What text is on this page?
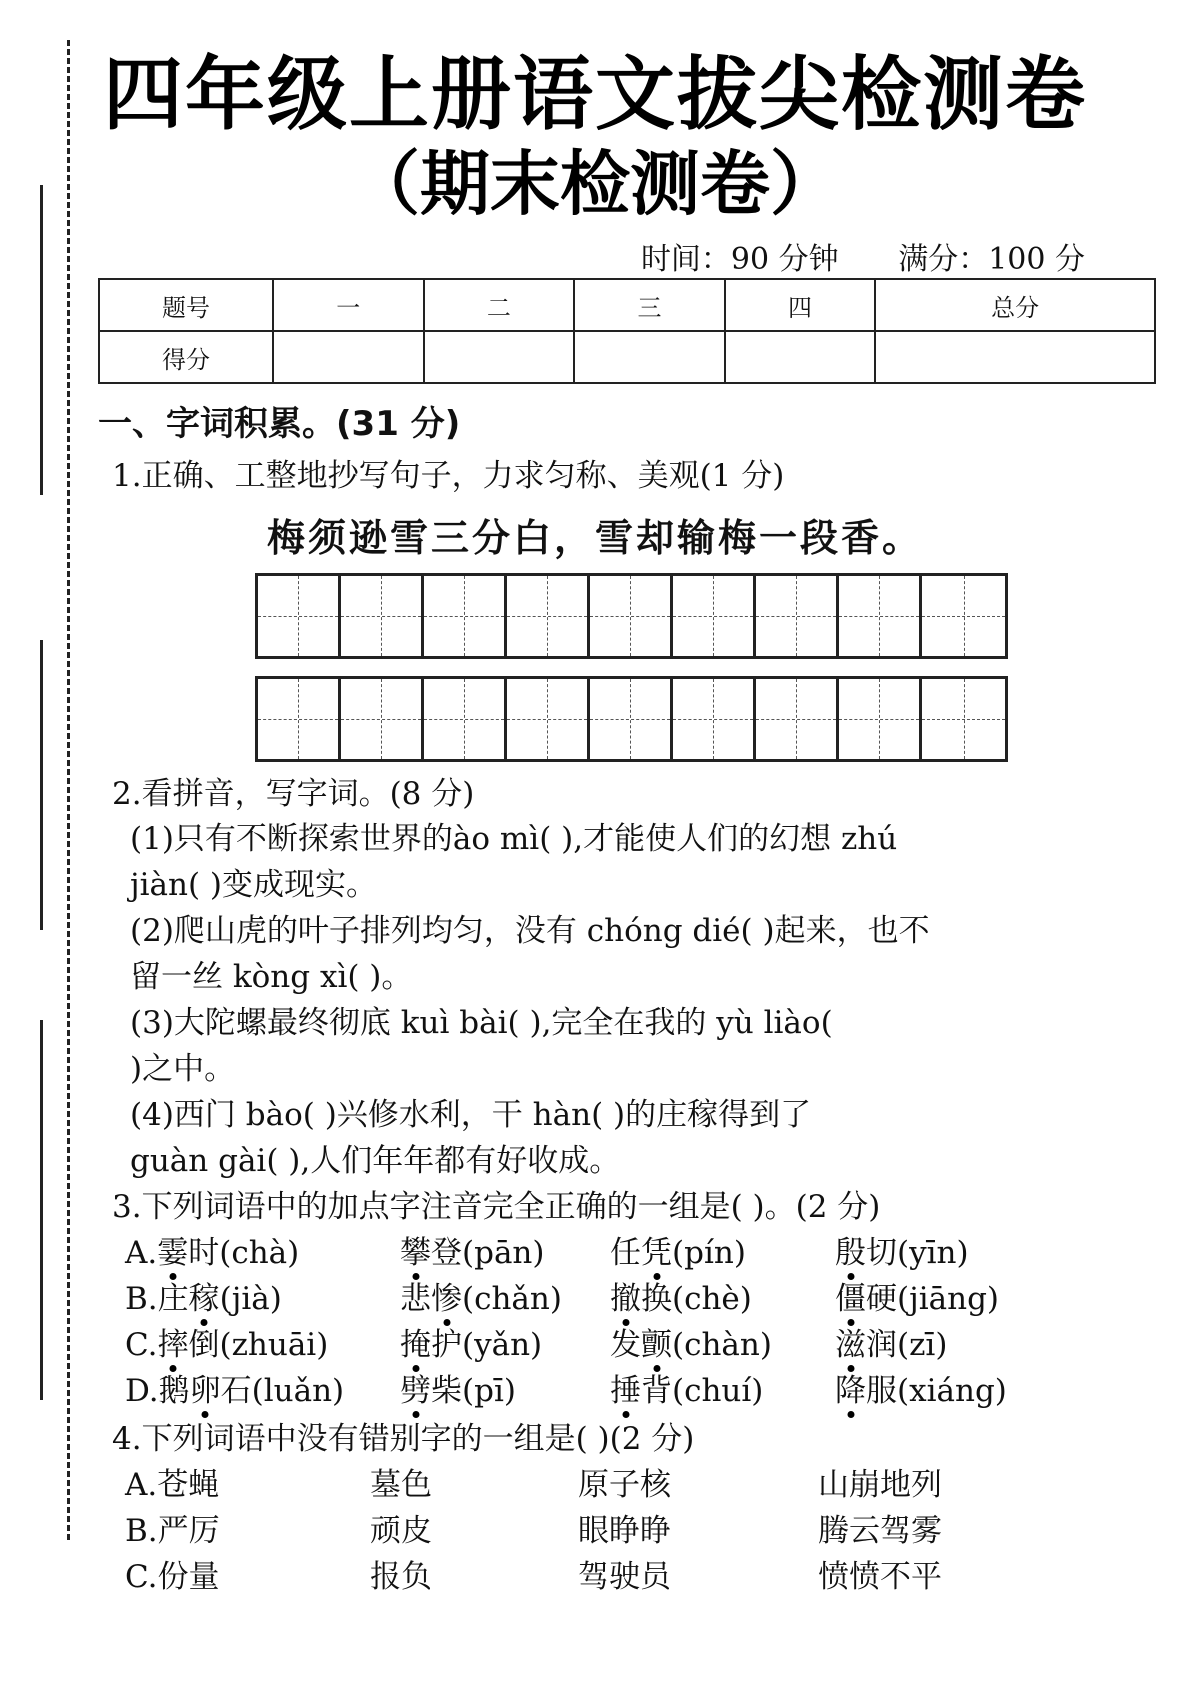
四年级上册语文拔尖检测卷
（期末检测卷）
时间：90 分钟 满分：100 分
题号	一	二	三	四	总分
得分					
一、字词积累。(31 分)
1.正确、工整地抄写句子，力求匀称、美观(1 分)
梅须逊雪三分白，雪却输梅一段香。
2.看拼音，写字词。(8 分)
(1)只有不断探索世界的ào mì( ),才能使人们的幻想 zhú
jiàn( )变成现实。
(2)爬山虎的叶子排列均匀，没有 chóng dié( )起来，也不
留一丝 kòng xì( )。
(3)大陀螺最终彻底 kuì bài( ),完全在我的 yù liào(
)之中。
(4)西门 bào( )兴修水利，干 hàn( )的庄稼得到了
guàn gài( ),人们年年都有好收成。
3.下列词语中的加点字注音完全正确的一组是( )。(2 分)
A.霎时(chà)	攀登(pān) 任凭(pín)	殷切(yīn)
B.庄稼(jià)	悲惨(chǎn) 撤换(chè)	僵硬(jiāng)
C.摔倒(zhuāi) 掩护(yǎn) 发颤(chàn) 滋润(zī)
D.鹅卵石(luǎn) 劈柴(pī)	捶背(chuí) 降服(xiáng)
4.下列词语中没有错别字的一组是( )(2 分)
A.苍蝇	墓色	原子核	山崩地列
B.严厉	顽皮	眼睁睁	腾云驾雾
C.份量	报负	驾驶员	愤愤不平
